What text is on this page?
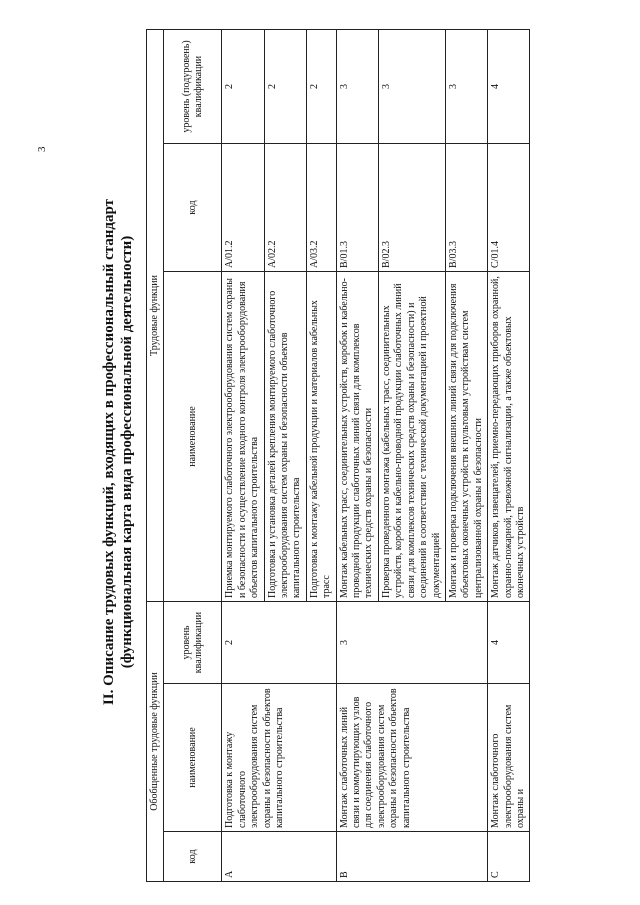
3
II. Описание трудовых функций, входящих в профессиональный стандарт (функциональная карта вида профессиональной деятельности)
Обобщенные трудовые функции			Трудовые функции		
код	наименование	уровень квалификации	наименование	код	уровень (подуровень) квалификации
A	Подготовка к монтажу слаботочного электрооборудования систем охраны и безопасности объектов капитального строительства	2	Приемка монтируемого слаботочного электрооборудования систем охраны и безопасности и осуществление входного контроля электрооборудования объектов капитального строительства	A/01.2	2
			Подготовка и установка деталей крепления монтируемого слаботочного электрооборудования систем охраны и безопасности объектов капитального строительства	A/02.2	2
			Подготовка к монтажу кабельной продукции и материалов кабельных трасс	A/03.2	2
B	Монтаж слаботочных линий связи и коммутирующих узлов для соединения слаботочного электрооборудования систем охраны и безопасности объектов капитального строительства	3	Монтаж кабельных трасс, соединительных устройств, коробок и кабельно-проводной продукции слаботочных линий связи для комплексов технических средств охраны и безопасности	B/01.3	3
			Проверка проведенного монтажа (кабельных трасс, соединительных устройств, коробок и кабельно-проводной продукции слаботочных линий связи для комплексов технических средств охраны и безопасности) и соединений в соответствии с технической документацией и проектной документацией	B/02.3	3
			Монтаж и проверка подключения внешних линий связи для подключения объектовых оконечных устройств к пультовым устройствам систем централизованной охраны и безопасности	B/03.3	3
C	Монтаж слаботочного электрооборудования систем охраны и	4	Монтаж датчиков, извещателей, приемно-передающих приборов охранной, охранно-пожарной, тревожной сигнализации, а также объектовых оконечных устройств	C/01.4	4
